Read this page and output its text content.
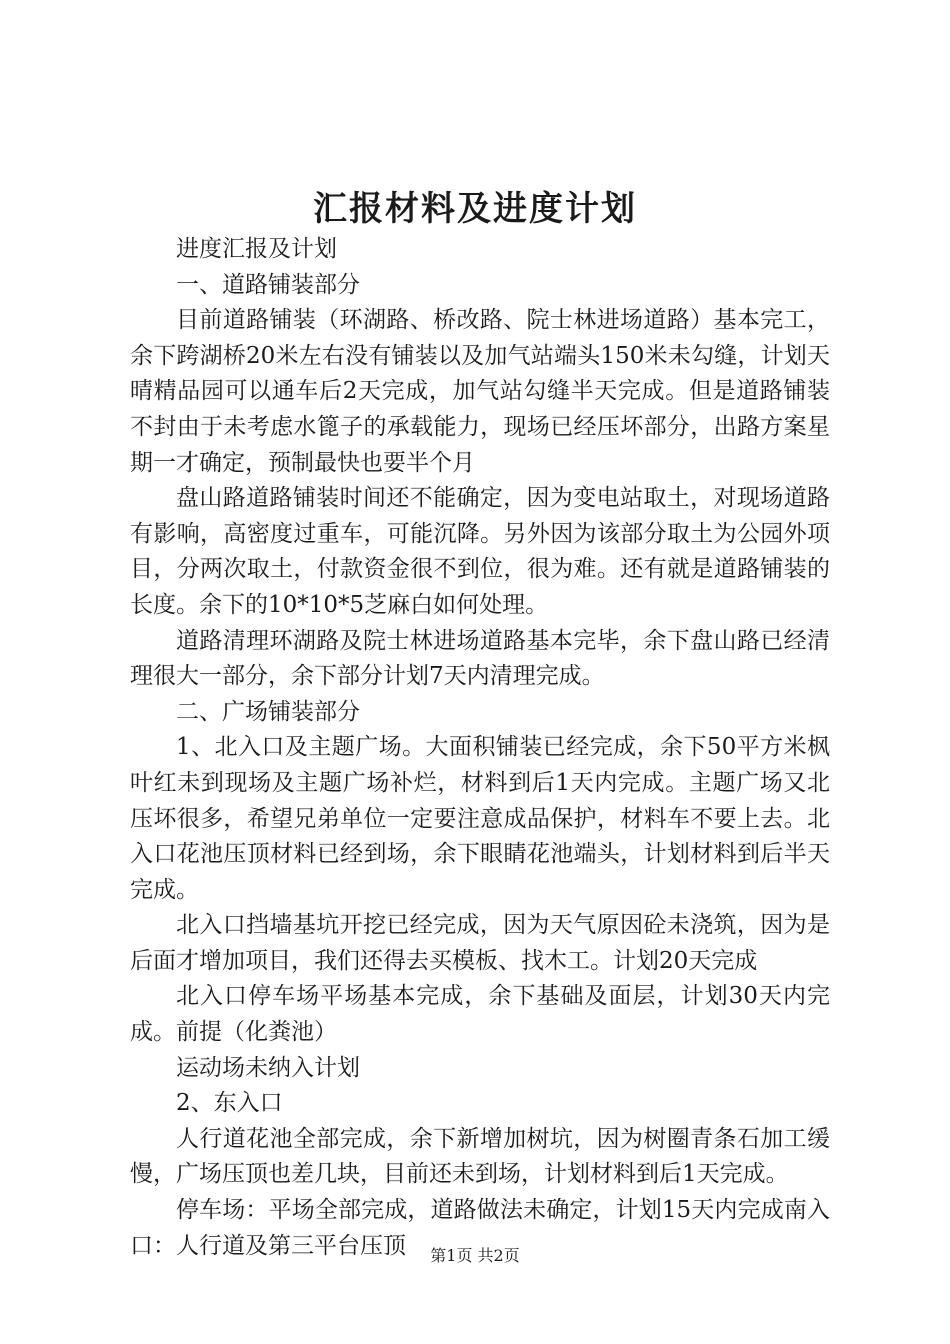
汇报材料及进度计划

进度汇报及计划

一、道路铺装部分

目前道路铺装（环湖路、桥改路、院士林进场道路）基本完工，余下跨湖桥20米左右没有铺装以及加气站端头150米未勾缝，计划天晴精品园可以通车后2天完成，加气站勾缝半天完成。但是道路铺装不封由于未考虑水篦子的承载能力，现场已经压坏部分，出路方案星期一才确定，预制最快也要半个月

盘山路道路铺装时间还不能确定，因为变电站取土，对现场道路有影响，高密度过重车，可能沉降。另外因为该部分取土为公园外项目，分两次取土，付款资金很不到位，很为难。还有就是道路铺装的长度。余下的10*10*5芝麻白如何处理。

道路清理环湖路及院士林进场道路基本完毕，余下盘山路已经清理很大一部分，余下部分计划7天内清理完成。

二、广场铺装部分

1、北入口及主题广场。大面积铺装已经完成，余下50平方米枫叶红未到现场及主题广场补烂，材料到后1天内完成。主题广场又北压坏很多，希望兄弟单位一定要注意成品保护，材料车不要上去。北入口花池压顶材料已经到场，余下眼睛花池端头，计划材料到后半天完成。

北入口挡墙基坑开挖已经完成，因为天气原因砼未浇筑，因为是后面才增加项目，我们还得去买模板、找木工。计划20天完成

北入口停车场平场基本完成，余下基础及面层，计划30天内完成。前提（化粪池）

运动场未纳入计划

2、东入口

人行道花池全部完成，余下新增加树坑，因为树圈青条石加工缓慢，广场压顶也差几块，目前还未到场，计划材料到后1天完成。

停车场：平场全部完成，道路做法未确定，计划15天内完成南入口：人行道及第三平台压顶	第1页 共2页
